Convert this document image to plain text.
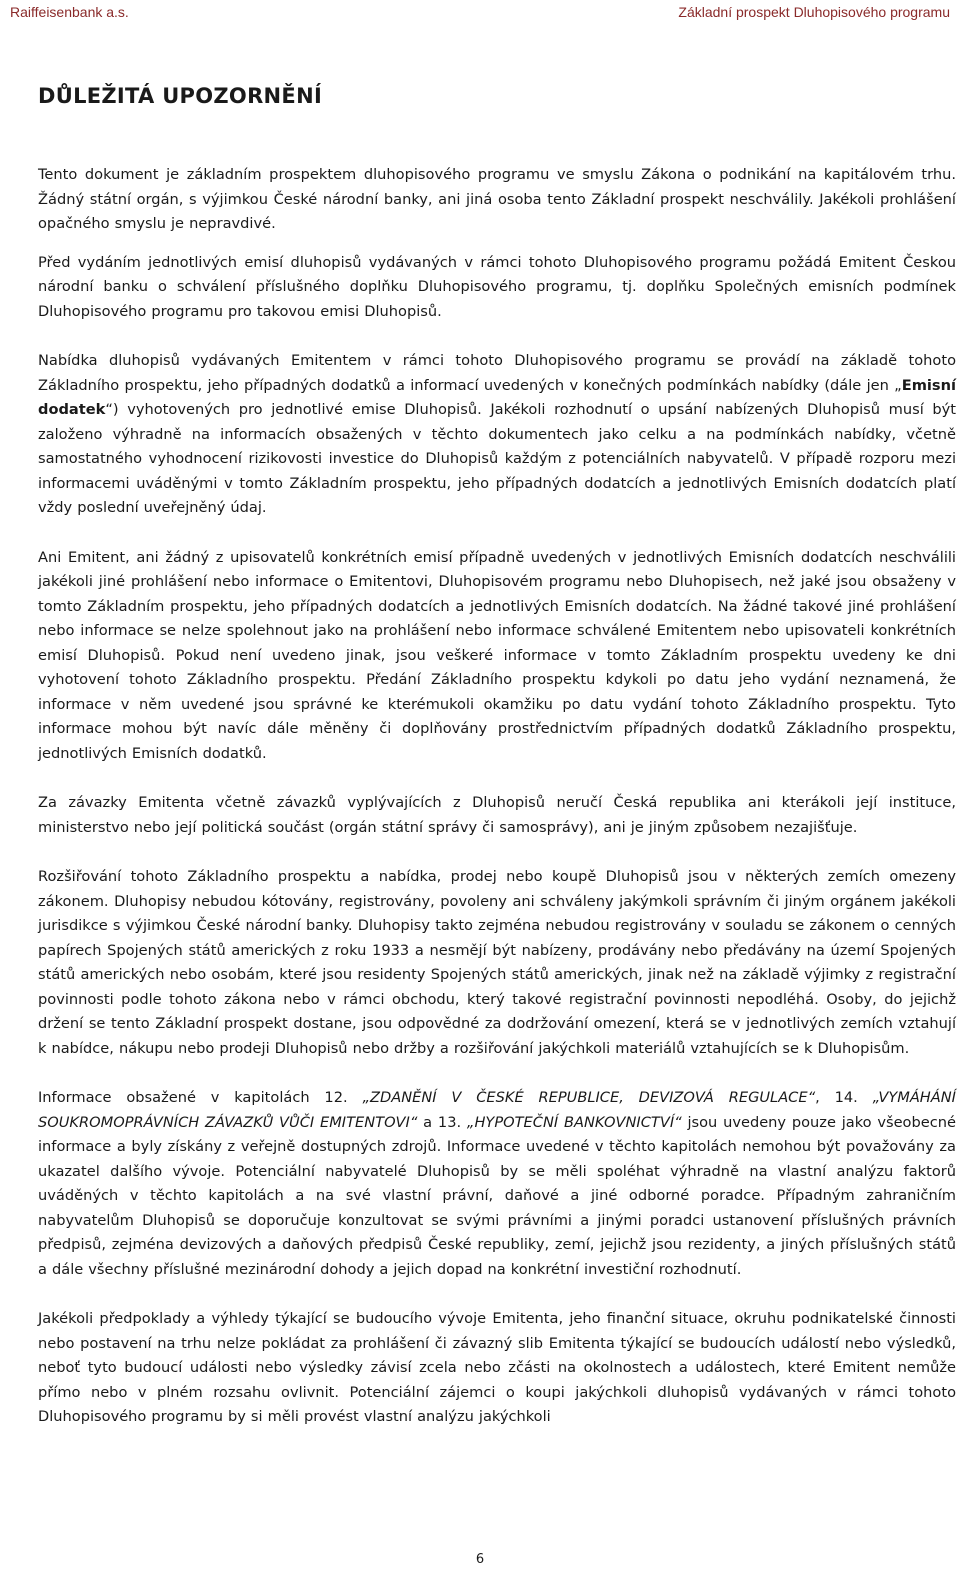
Raiffeisenbank a.s.	Základní prospekt Dluhopisového programu
DŮLEŽITÁ UPOZORNĚNÍ

Tento dokument je základním prospektem dluhopisového programu ve smyslu Zákona o podnikání na kapitálovém trhu. Žádný státní orgán, s výjimkou České národní banky, ani jiná osoba tento Základní prospekt neschválily. Jakékoli prohlášení opačného smyslu je nepravdivé.

Před vydáním jednotlivých emisí dluhopisů vydávaných v rámci tohoto Dluhopisového programu požádá Emitent Českou národní banku o schválení příslušného doplňku Dluhopisového programu, tj. doplňku Společných emisních podmínek Dluhopisového programu pro takovou emisi Dluhopisů.

Nabídka dluhopisů vydávaných Emitentem v rámci tohoto Dluhopisového programu se provádí na základě tohoto Základního prospektu, jeho případných dodatků a informací uvedených v konečných podmínkách nabídky (dále jen „Emisní dodatek“) vyhotovených pro jednotlivé emise Dluhopisů. Jakékoli rozhodnutí o upsání nabízených Dluhopisů musí být založeno výhradně na informacích obsažených v těchto dokumentech jako celku a na podmínkách nabídky, včetně samostatného vyhodnocení rizikovosti investice do Dluhopisů každým z potenciálních nabyvatelů. V případě rozporu mezi informacemi uváděnými v tomto Základním prospektu, jeho případných dodatcích a jednotlivých Emisních dodatcích platí vždy poslední uveřejněný údaj.

Ani Emitent, ani žádný z upisovatelů konkrétních emisí případně uvedených v jednotlivých Emisních dodatcích neschválili jakékoli jiné prohlášení nebo informace o Emitentovi, Dluhopisovém programu nebo Dluhopisech, než jaké jsou obsaženy v tomto Základním prospektu, jeho případných dodatcích a jednotlivých Emisních dodatcích. Na žádné takové jiné prohlášení nebo informace se nelze spolehnout jako na prohlášení nebo informace schválené Emitentem nebo upisovateli konkrétních emisí Dluhopisů. Pokud není uvedeno jinak, jsou veškeré informace v tomto Základním prospektu uvedeny ke dni vyhotovení tohoto Základního prospektu. Předání Základního prospektu kdykoli po datu jeho vydání neznamená, že informace v něm uvedené jsou správné ke kterémukoli okamžiku po datu vydání tohoto Základního prospektu. Tyto informace mohou být navíc dále měněny či doplňovány prostřednictvím případných dodatků Základního prospektu, jednotlivých Emisních dodatků.

Za závazky Emitenta včetně závazků vyplývajících z Dluhopisů neručí Česká republika ani kterákoli její instituce, ministerstvo nebo její politická součást (orgán státní správy či samosprávy), ani je jiným způsobem nezajišťuje.

Rozšiřování tohoto Základního prospektu a nabídka, prodej nebo koupě Dluhopisů jsou v některých zemích omezeny zákonem. Dluhopisy nebudou kótovány, registrovány, povoleny ani schváleny jakýmkoli správním či jiným orgánem jakékoli jurisdikce s výjimkou České národní banky. Dluhopisy takto zejména nebudou registrovány v souladu se zákonem o cenných papírech Spojených států amerických z roku 1933 a nesmějí být nabízeny, prodávány nebo předávány na území Spojených států amerických nebo osobám, které jsou residenty Spojených států amerických, jinak než na základě výjimky z registrační povinnosti podle tohoto zákona nebo v rámci obchodu, který takové registrační povinnosti nepodléhá. Osoby, do jejichž držení se tento Základní prospekt dostane, jsou odpovědné za dodržování omezení, která se v jednotlivých zemích vztahují k nabídce, nákupu nebo prodeji Dluhopisů nebo držby a rozšiřování jakýchkoli materiálů vztahujících se k Dluhopisům.

Informace obsažené v kapitolách 12. „ZDANĚNÍ V ČESKÉ REPUBLICE, DEVIZOVÁ REGULACE“, 14. „VYMÁHÁNÍ SOUKROMOPRÁVNÍCH ZÁVAZKŮ VŮČI EMITENTOVI“ a 13. „HYPOTEČNÍ BANKOVNICTVÍ“ jsou uvedeny pouze jako všeobecné informace a byly získány z veřejně dostupných zdrojů. Informace uvedené v těchto kapitolách nemohou být považovány za ukazatel dalšího vývoje. Potenciální nabyvatelé Dluhopisů by se měli spoléhat výhradně na vlastní analýzu faktorů uváděných v těchto kapitolách a na své vlastní právní, daňové a jiné odborné poradce. Případným zahraničním nabyvatelům Dluhopisů se doporučuje konzultovat se svými právními a jinými poradci ustanovení příslušných právních předpisů, zejména devizových a daňových předpisů České republiky, zemí, jejichž jsou rezidenty, a jiných příslušných států a dále všechny příslušné mezinárodní dohody a jejich dopad na konkrétní investiční rozhodnutí.

Jakékoli předpoklady a výhledy týkající se budoucího vývoje Emitenta, jeho finanční situace, okruhu podnikatelské činnosti nebo postavení na trhu nelze pokládat za prohlášení či závazný slib Emitenta týkající se budoucích událostí nebo výsledků, neboť tyto budoucí události nebo výsledky závisí zcela nebo zčásti na okolnostech a událostech, které Emitent nemůže přímo nebo v plném rozsahu ovlivnit. Potenciální zájemci o koupi jakýchkoli dluhopisů vydávaných v rámci tohoto Dluhopisového programu by si měli provést vlastní analýzu jakýchkoli

6
